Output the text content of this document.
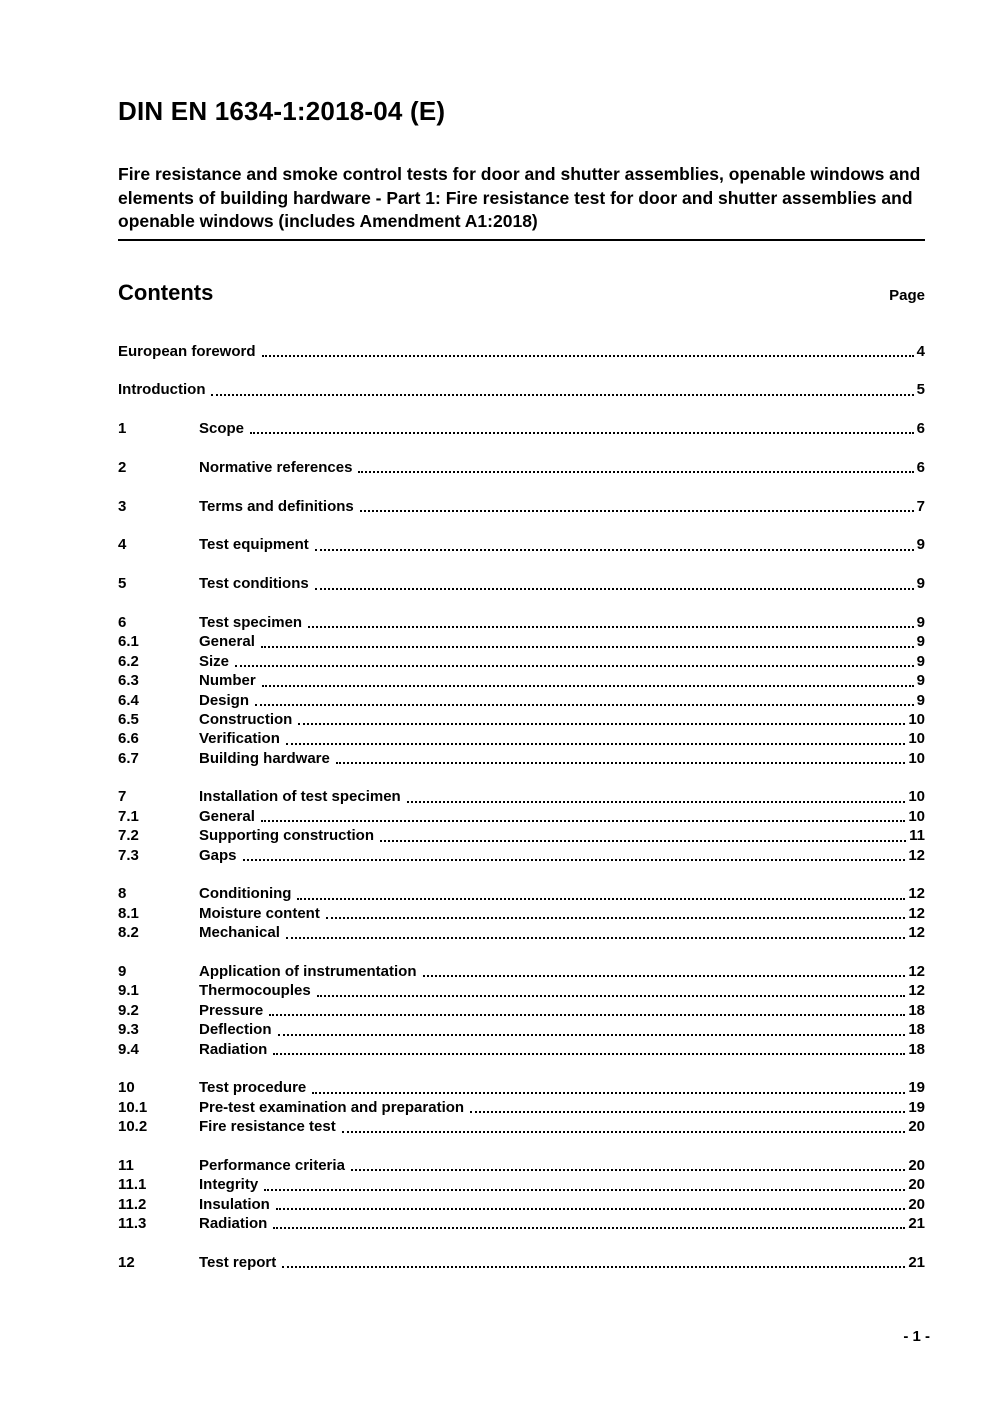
DIN EN 1634-1:2018-04 (E)
Fire resistance and smoke control tests for door and shutter assemblies, openable windows and elements of building hardware - Part 1: Fire resistance test for door and shutter assemblies and openable windows (includes Amendment A1:2018)
Contents	Page
European foreword	4
Introduction	5
1	Scope	6
2	Normative references	6
3	Terms and definitions	7
4	Test equipment	9
5	Test conditions	9
6	Test specimen	9
6.1	General	9
6.2	Size	9
6.3	Number	9
6.4	Design	9
6.5	Construction	10
6.6	Verification	10
6.7	Building hardware	10
7	Installation of test specimen	10
7.1	General	10
7.2	Supporting construction	11
7.3	Gaps	12
8	Conditioning	12
8.1	Moisture content	12
8.2	Mechanical	12
9	Application of instrumentation	12
9.1	Thermocouples	12
9.2	Pressure	18
9.3	Deflection	18
9.4	Radiation	18
10	Test procedure	19
10.1	Pre-test examination and preparation	19
10.2	Fire resistance test	20
11	Performance criteria	20
11.1	Integrity	20
11.2	Insulation	20
11.3	Radiation	21
12	Test report	21
- 1 -
